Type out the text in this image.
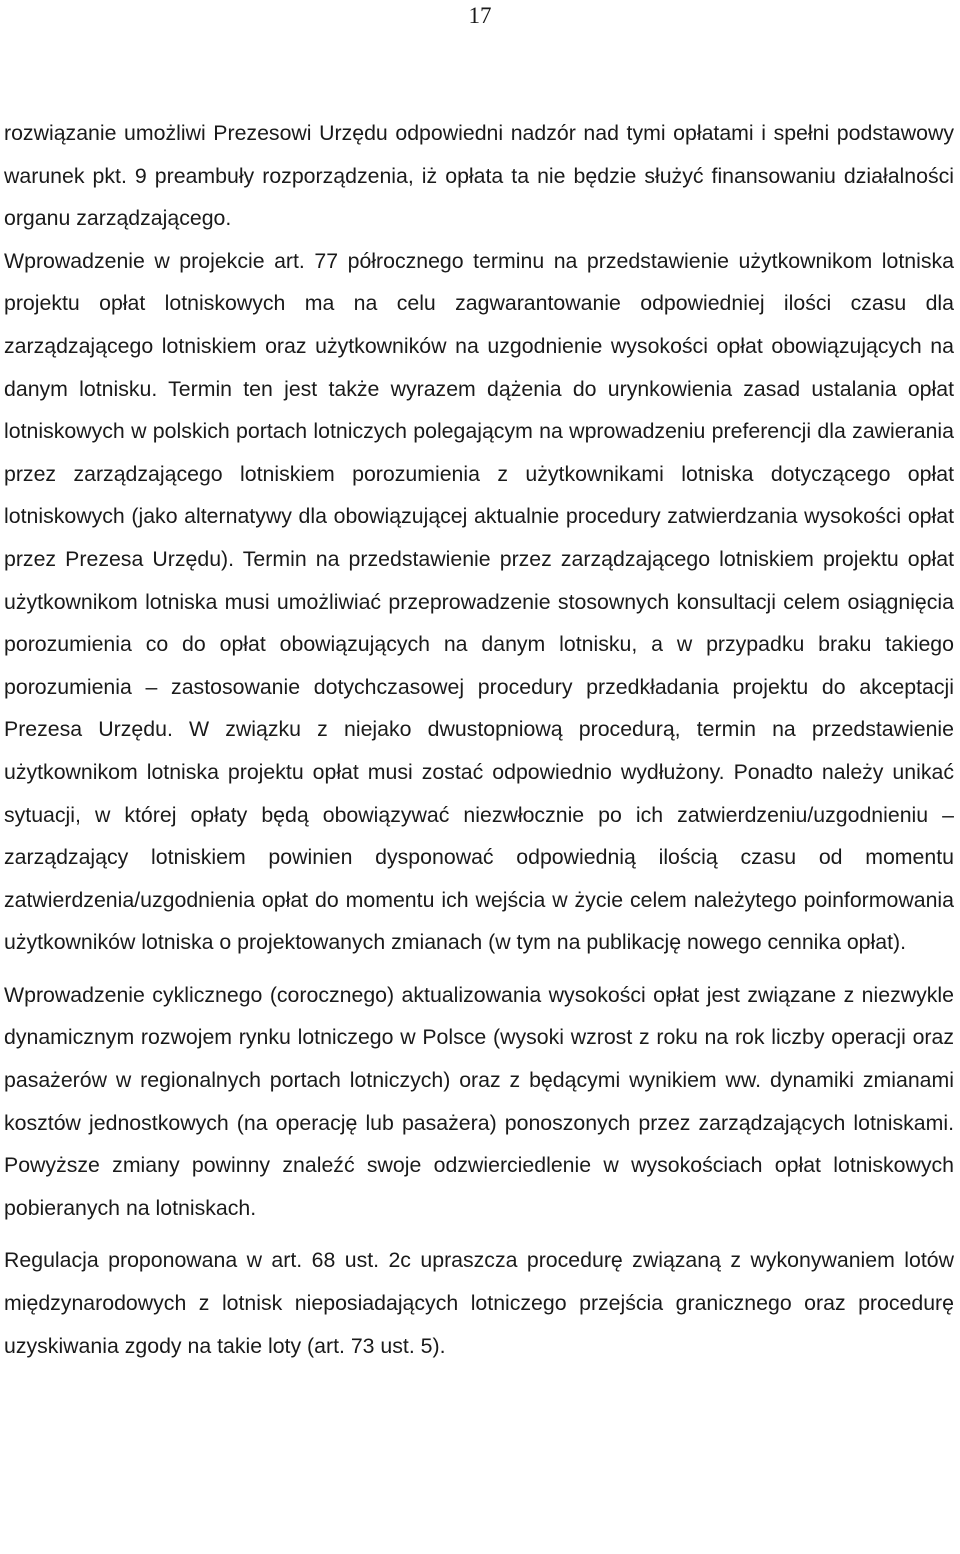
17

rozwiązanie umożliwi Prezesowi Urzędu odpowiedni nadzór nad tymi opłatami i spełni podstawowy warunek pkt. 9 preambuły rozporządzenia, iż opłata ta nie będzie służyć finansowaniu działalności organu zarządzającego.

Wprowadzenie w projekcie art. 77 półrocznego terminu na przedstawienie użytkownikom lotniska projektu opłat lotniskowych ma na celu zagwarantowanie odpowiedniej ilości czasu dla zarządzającego lotniskiem oraz użytkowników na uzgodnienie wysokości opłat obowiązujących na danym lotnisku. Termin ten jest także wyrazem dążenia do urynkowienia zasad ustalania opłat lotniskowych w polskich portach lotniczych polegającym na wprowadzeniu preferencji dla zawierania przez zarządzającego lotniskiem porozumienia z użytkownikami lotniska dotyczącego opłat lotniskowych (jako alternatywy dla obowiązującej aktualnie procedury zatwierdzania wysokości opłat przez Prezesa Urzędu). Termin na przedstawienie przez zarządzającego lotniskiem projektu opłat użytkownikom lotniska musi umożliwiać przeprowadzenie stosownych konsultacji celem osiągnięcia porozumienia co do opłat obowiązujących na danym lotnisku, a w przypadku braku takiego porozumienia – zastosowanie dotychczasowej procedury przedkładania projektu do akceptacji Prezesa Urzędu. W związku z niejako dwustopniową procedurą, termin na przedstawienie użytkownikom lotniska projektu opłat musi zostać odpowiednio wydłużony. Ponadto należy unikać sytuacji, w której opłaty będą obowiązywać niezwłocznie po ich zatwierdzeniu/uzgodnieniu – zarządzający lotniskiem powinien dysponować odpowiednią ilością czasu od momentu zatwierdzenia/uzgodnienia opłat do momentu ich wejścia w życie celem należytego poinformowania użytkowników lotniska o projektowanych zmianach (w tym na publikację nowego cennika opłat).

Wprowadzenie cyklicznego (corocznego) aktualizowania wysokości opłat jest związane z niezwykle dynamicznym rozwojem rynku lotniczego w Polsce (wysoki wzrost z roku na rok liczby operacji oraz pasażerów w regionalnych portach lotniczych) oraz z będącymi wynikiem ww. dynamiki zmianami kosztów jednostkowych (na operację lub pasażera) ponoszonych przez zarządzających lotniskami. Powyższe zmiany powinny znaleźć swoje odzwierciedlenie w wysokościach opłat lotniskowych pobieranych na lotniskach.

Regulacja proponowana w art. 68 ust. 2c upraszcza procedurę związaną z wykonywaniem lotów międzynarodowych z lotnisk nieposiadających lotniczego przejścia granicznego oraz procedurę uzyskiwania zgody na takie loty (art. 73 ust. 5).
